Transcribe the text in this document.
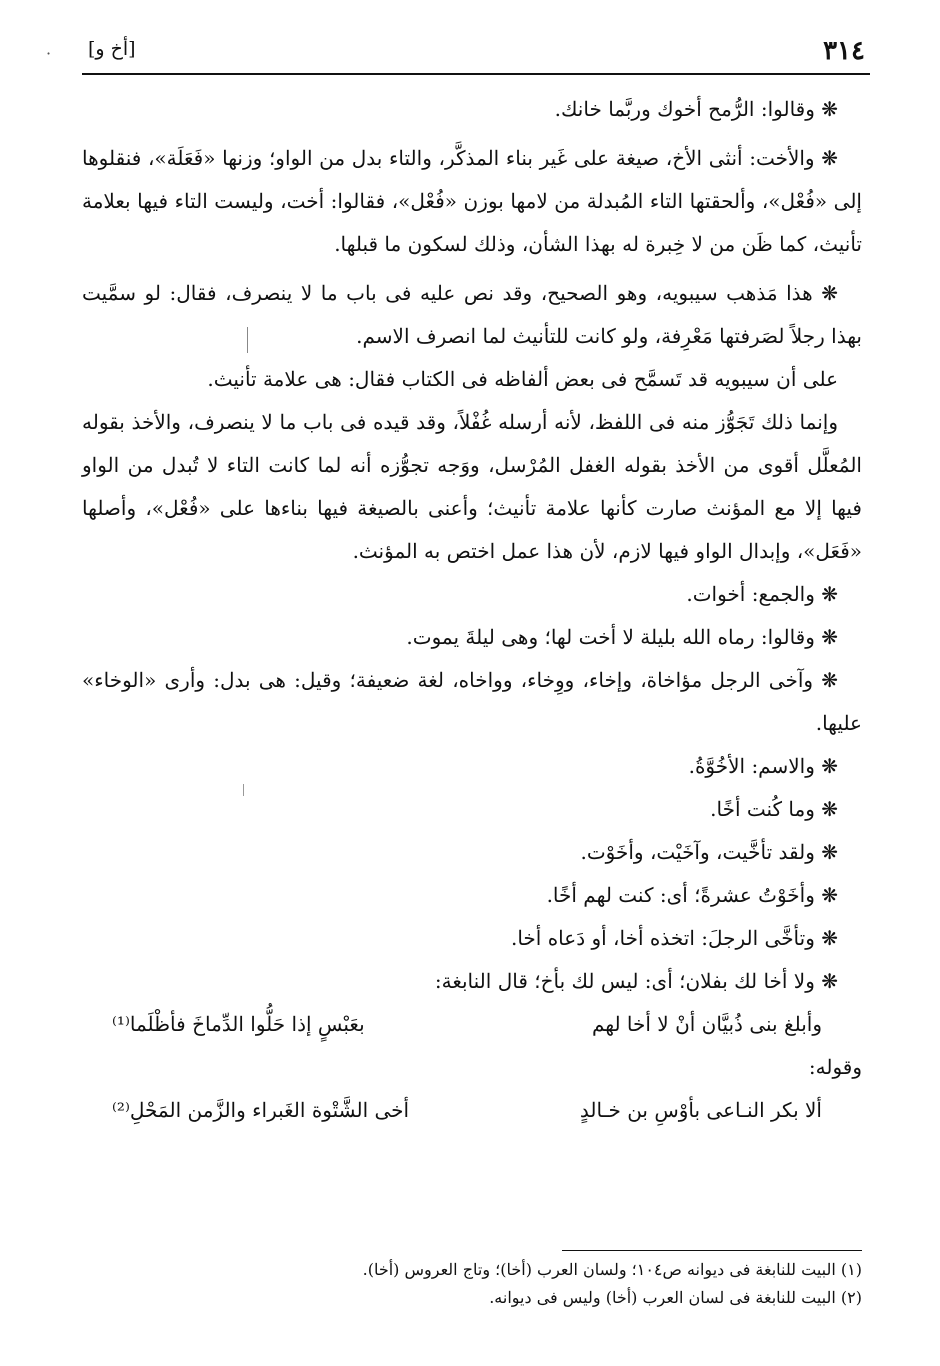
·	٣١٤
[أخ و]

❋ وقالوا: الرُّمح أخوك وربَّما خانك.

❋ والأخت: أنثى الأخ، صيغة على غَير بناء المذكَّر، والتاء بدل من الواو؛ وزنها «فَعَلَة»، فنقلوها إلى «فُعْل»، وألحقتها التاء المُبدلة من لامها بوزن «فُعْل»، فقالوا: أخت، وليست التاء فيها بعلامة تأنيث، كما ظَن من لا خِبرة له بهذا الشأن، وذلك لسكون ما قبلها.

❋ هذا مَذهب سيبويه، وهو الصحيح، وقد نص عليه فى باب ما لا ينصرف، فقال: لو سمَّيت بهذا رجلاً لصَرفتها مَعْرِفة، ولو كانت للتأنيث لما انصرف الاسم.

على أن سيبويه قد تَسمَّح فى بعض ألفاظه فى الكتاب فقال: هى علامة تأنيث.

وإنما ذلك تَجَوُّز منه فى اللفظ، لأنه أرسله غُفْلاً، وقد قيده فى باب ما لا ينصرف، والأخذ بقوله المُعلَّل أقوى من الأخذ بقوله الغفل المُرْسل، ووَجه تجوُّزه أنه لما كانت التاء لا تُبدل من الواو فيها إلا مع المؤنث صارت كأنها علامة تأنيث؛ وأعنى بالصيغة فيها بناءها على «فُعْل»، وأصلها «فَعَل»، وإبدال الواو فيها لازم، لأن هذا عمل اختص به المؤنث.

❋ والجمع: أخوات.

❋ وقالوا: رماه الله بليلة لا أخت لها؛ وهى ليلةَ يموت.

❋ وآخى الرجل مؤاخاة، وإخاء، ووِخاء، وواخاه، لغة ضعيفة؛ وقيل: هى بدل: وأرى «الوخاء» عليها.

❋ والاسم: الأخُوَّةُ.

❋ وما كُنت أخًا.

❋ ولقد تأخَّيت، وآخَيْت، وأخَوْت.

❋ وأخَوْتُ عشرةً؛ أى: كنت لهم أخًا.

❋ وتأخَّى الرجلَ: اتخذه أخا، أو دَعاه أخا.

❋ ولا أخا لك بفلان؛ أى: ليس لك بأخ؛ قال النابغة:

وأبلغ بنى ذُبيَّان أنْ لا أخا لهم
بعَبْسٍ إذا حَلُّوا الدِّماخَ فأظْلَما⁽¹⁾

وقوله:

ألا بكر النـاعى بأوْسِ بن خـالدٍ
أخى الشَّتْوة الغَبراء والزَّمن المَحْلِ⁽²⁾

(١) البيت للنابغة فى ديوانه ص١٠٤؛ ولسان العرب (أخا)؛ وتاج العروس (أخا).

(٢) البيت للنابغة فى لسان العرب (أخا) وليس فى ديوانه.
